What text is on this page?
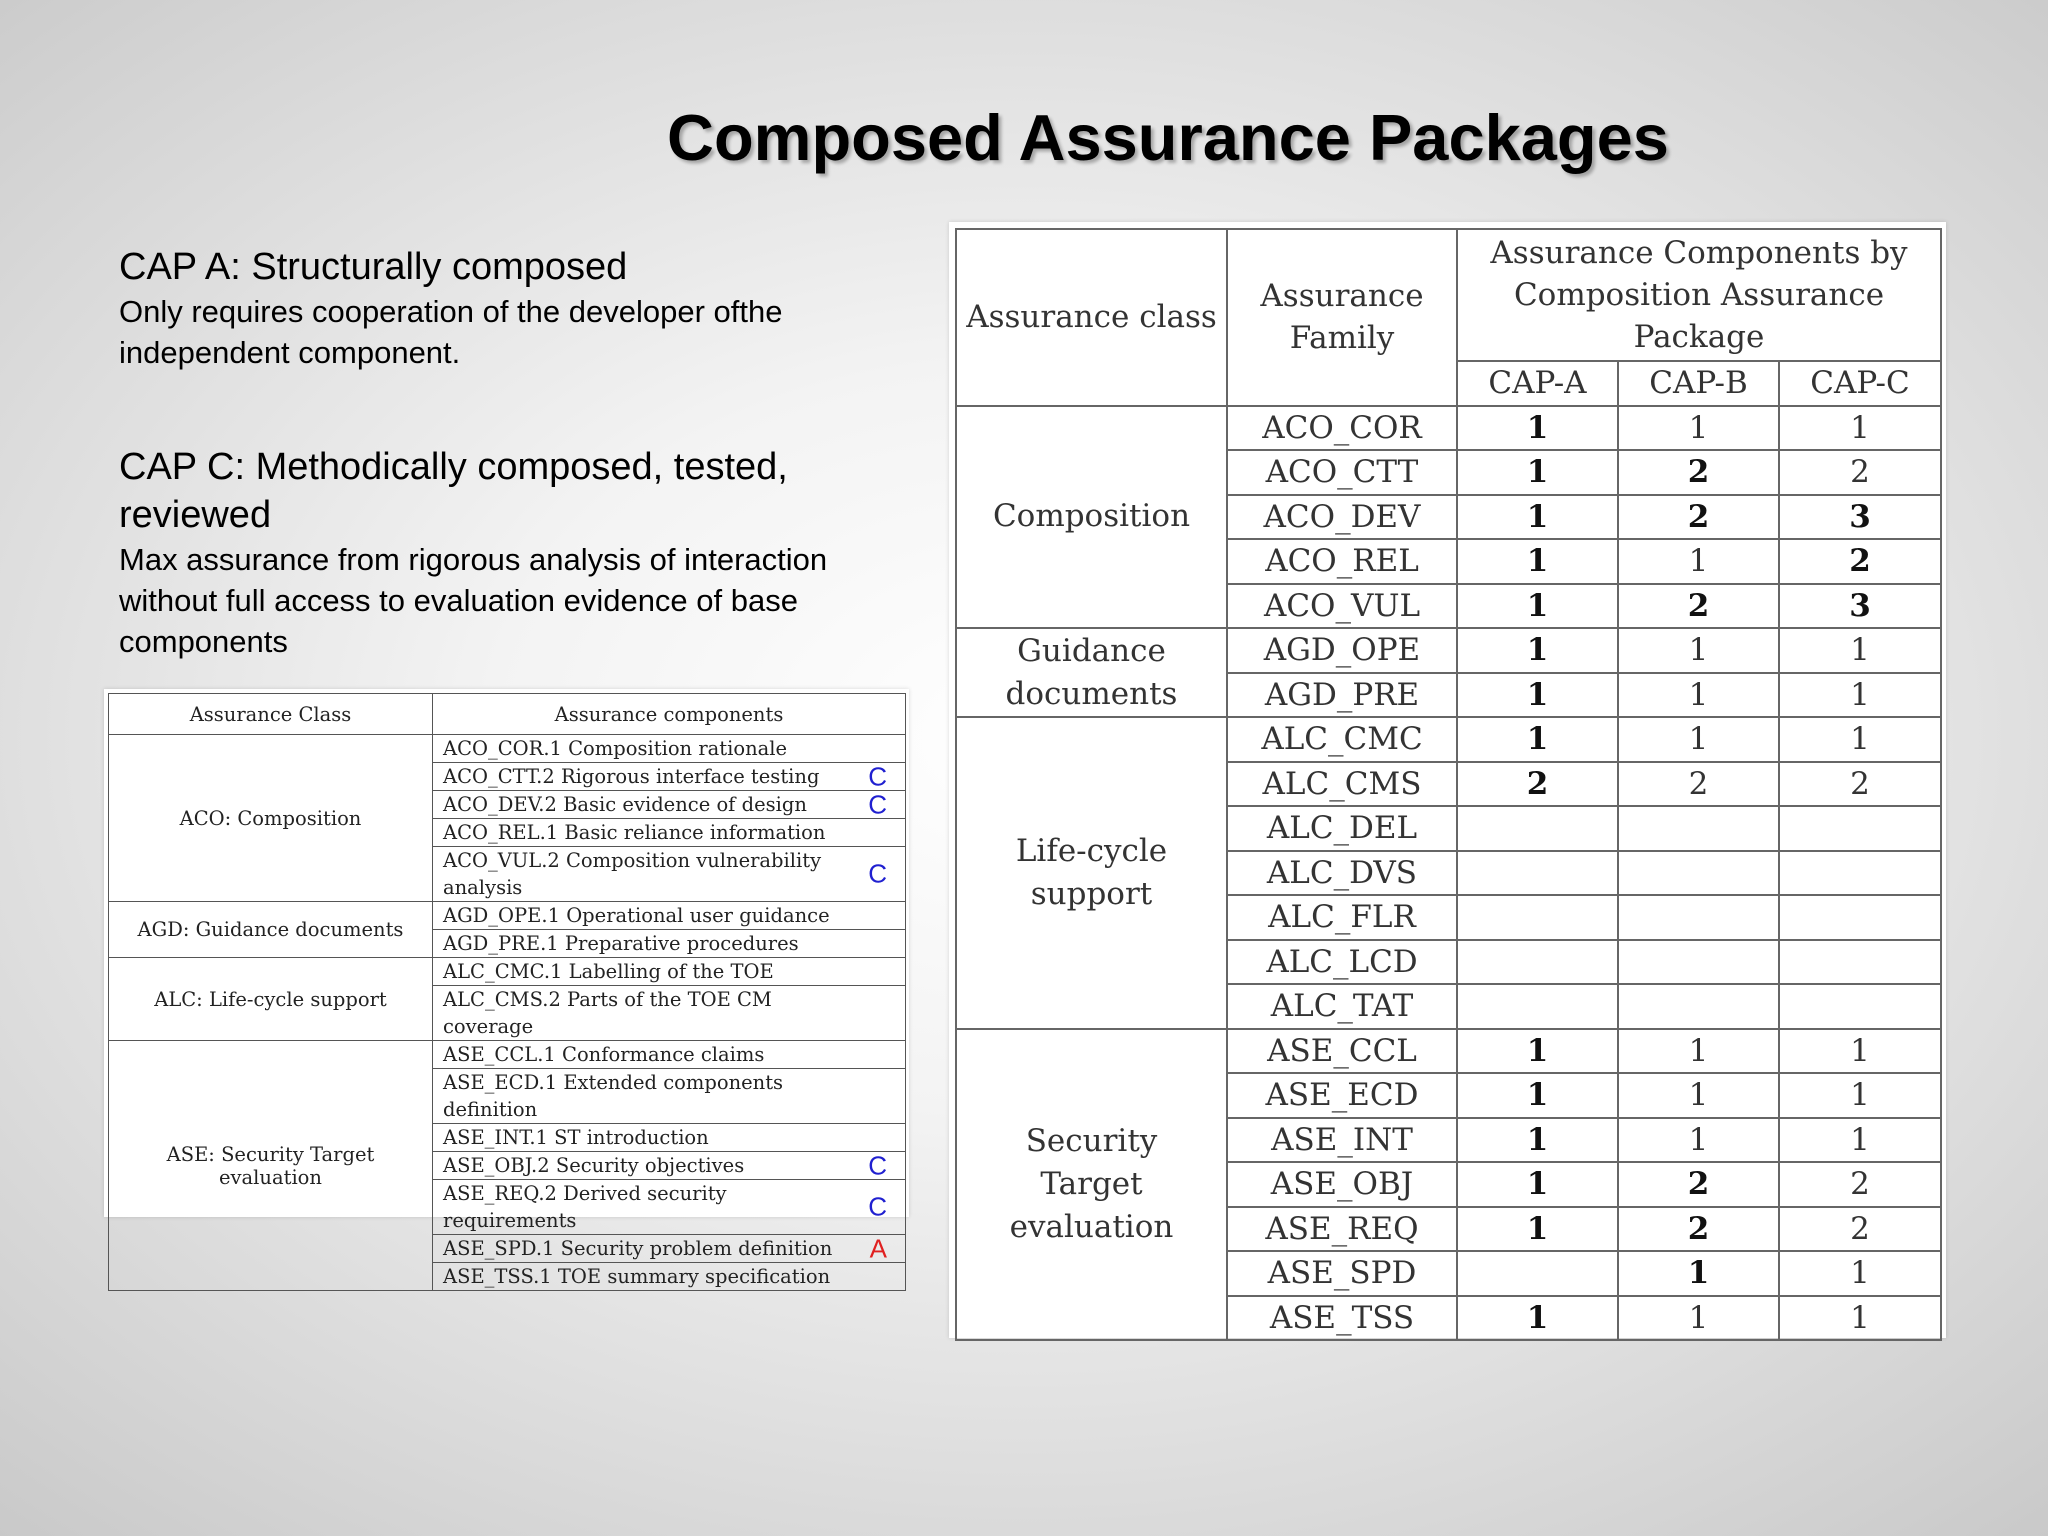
Composed Assurance Packages
CAP A: Structurally composed
Only requires cooperation of the developer ofthe independent component.
CAP C: Methodically composed, tested, reviewed
Max assurance from rigorous analysis of interaction without full access to evaluation evidence of base components
Assurance Class	Assurance components
ACO: Composition	ACO_COR.1 Composition rationale
	ACO_CTT.2 Rigorous interface testing C

	ACO_DEV.2 Basic evidence of design C

	ACO_REL.1 Basic reliance information
	ACO_VUL.2 Composition vulnerability analysis C

AGD: Guidance documents	AGD_OPE.1 Operational user guidance
	AGD_PRE.1 Preparative procedures
ALC: Life-cycle support	ALC_CMC.1 Labelling of the TOE
	ALC_CMS.2 Parts of the TOE CM coverage
ASE: Security Target evaluation	ASE_CCL.1 Conformance claims
	ASE_ECD.1 Extended components definition
	ASE_INT.1 ST introduction
	ASE_OBJ.2 Security objectives C

	ASE_REQ.2 Derived security requirements C

	ASE_SPD.1 Security problem definition A

	ASE_TSS.1 TOE summary specification
Assurance class	Assurance Family	Assurance Components by Composition Assurance Package		
		CAP-A	CAP-B	CAP-C
Composition	ACO_COR	1	1	1
	ACO_CTT	1	2	2
	ACO_DEV	1	2	3
	ACO_REL	1	1	2
	ACO_VUL	1	2	3
Guidance documents	AGD_OPE	1	1	1
	AGD_PRE	1	1	1
Life-cycle support	ALC_CMC	1	1	1
	ALC_CMS	2	2	2
	ALC_DEL			
	ALC_DVS			
	ALC_FLR			
	ALC_LCD			
	ALC_TAT			
Security Target evaluation	ASE_CCL	1	1	1
	ASE_ECD	1	1	1
	ASE_INT	1	1	1
	ASE_OBJ	1	2	2
	ASE_REQ	1	2	2
	ASE_SPD		1	1
	ASE_TSS	1	1	1
